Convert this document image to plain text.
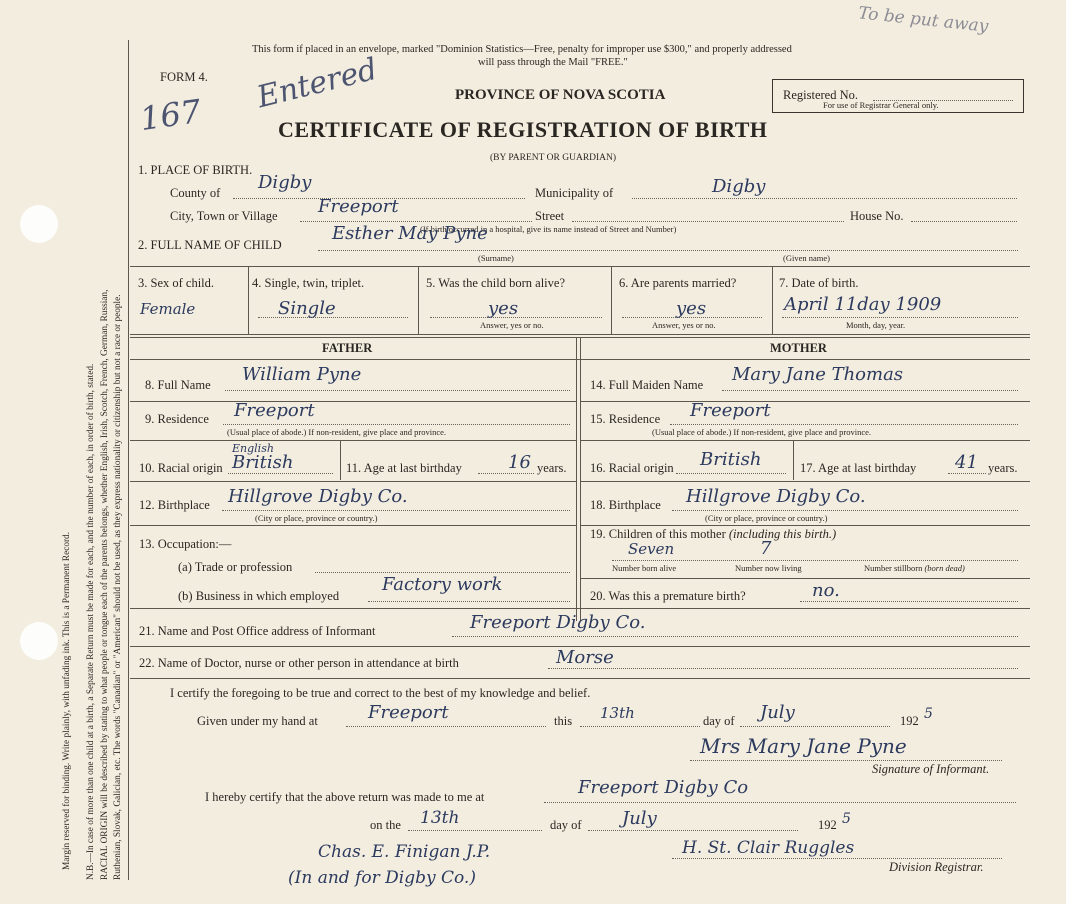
Margin reserved for binding. Write plainly, with unfading ink. This is a Permanent Record. N.B.—In case of more than one child at a birth, a Separate Return must be made for each, and the number of each, in order of birth, stated. RACIAL ORIGIN will be described by stating to what people or tongue each of the parents belongs, whether English, Irish, Scotch, French, German, Russian, Ruthenian, Slovak, Galician, etc. The words "Canadian" or "American" should not be used, as they express nationality or citizenship but not a race or people.
This form if placed in an envelope, marked "Dominion Statistics—Free, penalty for improper use $300," and properly addressed
will pass through the Mail "FREE."
FORM 4.
PROVINCE OF NOVA SCOTIA
CERTIFICATE OF REGISTRATION OF BIRTH
(BY PARENT OR GUARDIAN)
Registered No.
For use of Registrar General only.
167 Entered
To be put away
1. PLACE OF BIRTH.
County of Digby	Municipality of	Digby
City, Town or Village Freeport	Street	House No.
(If birth occurred in a hospital, give its name instead of Street and Number)
2. FULL NAME OF CHILD
Esther May Pyne
(Surname)	(Given name)
3. Sex of child.
Female
4. Single, twin, triplet.
Single
5. Was the child born alive?
yes
Answer, yes or no.
6. Are parents married?
yes
Answer, yes or no.
7. Date of birth.
April 11day 1909
Month, day, year.
FATHER	MOTHER
8. Full Name William Pyne
9. Residence Freeport
(Usual place of abode.) If non-resident, give place and province.
10. Racial origin
English
British	11. Age at last birthday	16 years.
12. Birthplace Hillgrove Digby Co.
(City or place, province or country.)
13. Occupation:—
(a) Trade or profession
(b) Business in which employed
Factory work
14. Full Maiden Name Mary Jane Thomas
15. Residence Freeport
(Usual place of abode.) If non-resident, give place and province.
16. Racial origin British	17. Age at last birthday 41 years.
18. Birthplace Hillgrove Digby Co.
(City or place, province or country.)
19. Children of this mother (including this birth.)
Seven	7
Number born alive	Number now living	Number stillborn (born dead)
20. Was this a premature birth?	no.
21. Name and Post Office address of Informant	Freeport Digby Co.
22. Name of Doctor, nurse or other person in attendance at birth	Morse
I certify the foregoing to be true and correct to the best of my knowledge and belief.
Given under my hand at	Freeport	this 13th	day of July	192 5
Mrs Mary Jane Pyne
Signature of Informant.
I hereby certify that the above return was made to me at	Freeport Digby Co
on the 13th	day of July	192 5
Chas. E. Finigan J.P.
(In and for Digby Co.)
H. St. Clair Ruggles
Division Registrar.
